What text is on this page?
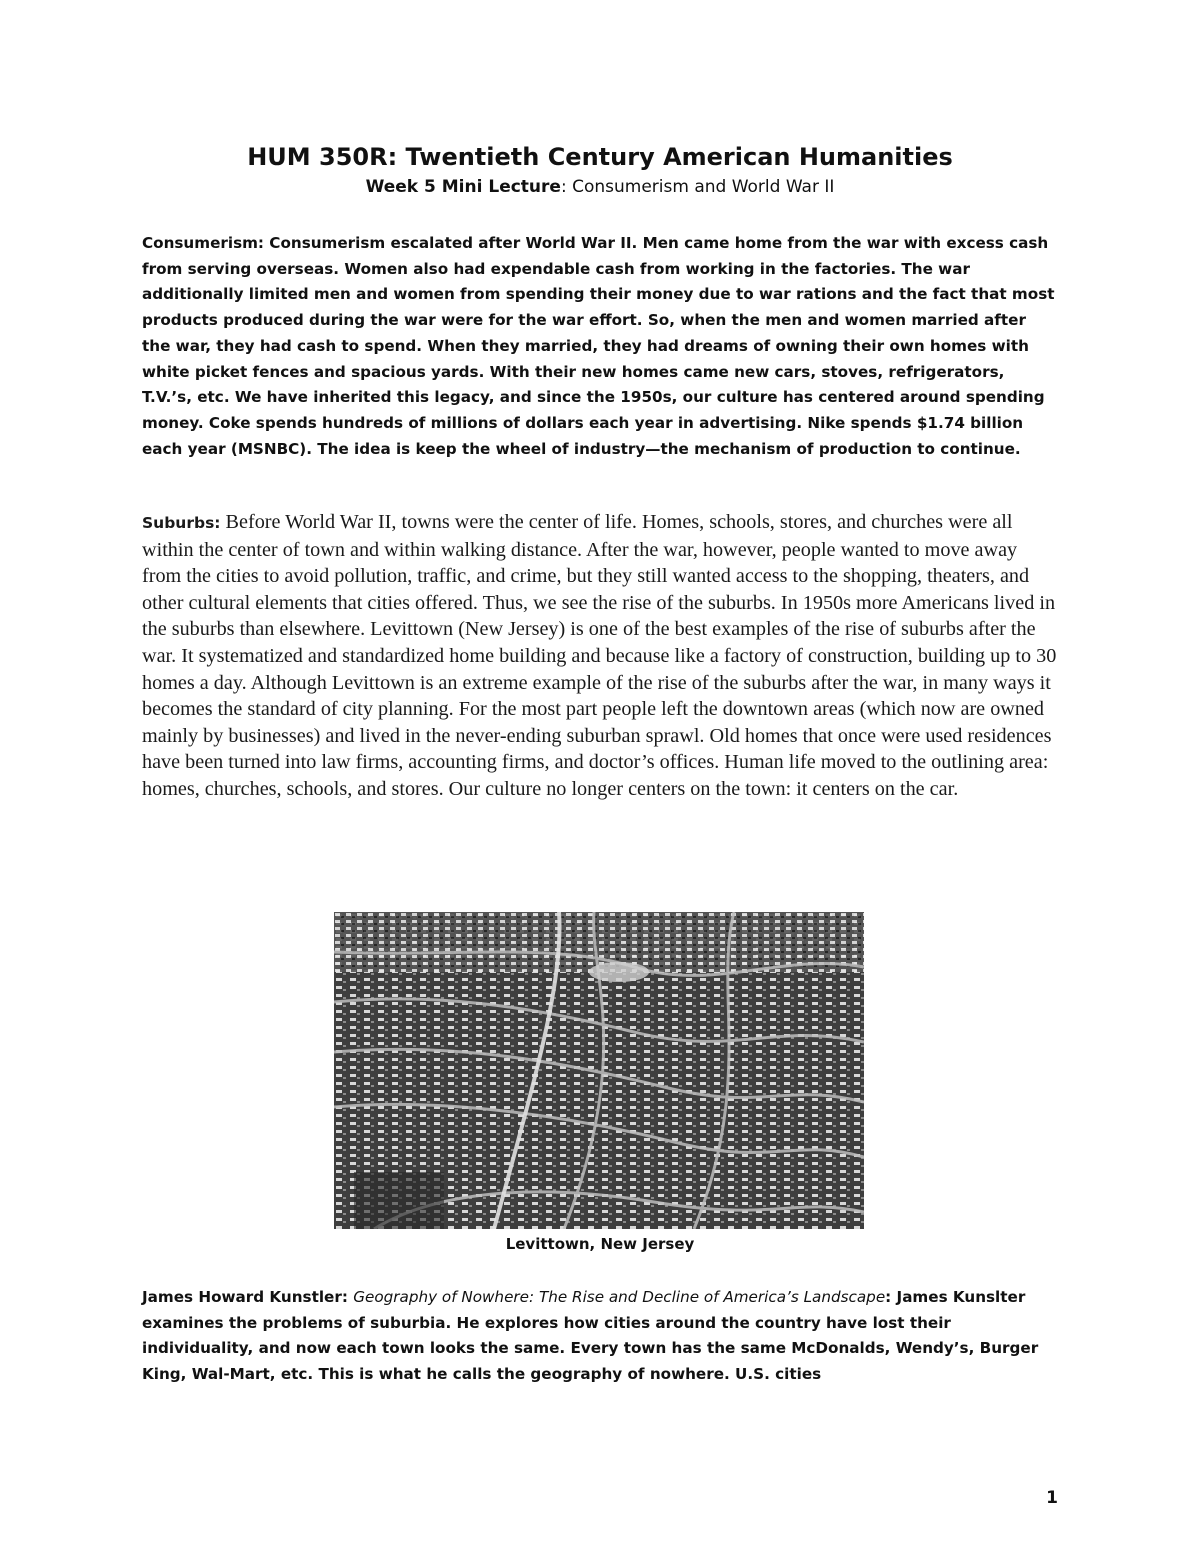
HUM 350R: Twentieth Century American Humanities

Week 5 Mini Lecture: Consumerism and World War II

Consumerism: Consumerism escalated after World War II. Men came home from the war with excess cash from serving overseas. Women also had expendable cash from working in the factories. The war additionally limited men and women from spending their money due to war rations and the fact that most products produced during the war were for the war effort. So, when the men and women married after the war, they had cash to spend. When they married, they had dreams of owning their own homes with white picket fences and spacious yards. With their new homes came new cars, stoves, refrigerators, T.V.’s, etc. We have inherited this legacy, and since the 1950s, our culture has centered around spending money. Coke spends hundreds of millions of dollars each year in advertising. Nike spends $1.74 billion each year (MSNBC). The idea is keep the wheel of industry—the mechanism of production to continue.

Suburbs: Before World War II, towns were the center of life. Homes, schools, stores, and churches were all within the center of town and within walking distance. After the war, however, people wanted to move away from the cities to avoid pollution, traffic, and crime, but they still wanted access to the shopping, theaters, and other cultural elements that cities offered. Thus, we see the rise of the suburbs. In 1950s more Americans lived in the suburbs than elsewhere. Levittown (New Jersey) is one of the best examples of the rise of suburbs after the war. It systematized and standardized home building and because like a factory of construction, building up to 30 homes a day. Although Levittown is an extreme example of the rise of the suburbs after the war, in many ways it becomes the standard of city planning. For the most part people left the downtown areas (which now are owned mainly by businesses) and lived in the never-ending suburban sprawl. Old homes that once were used residences have been turned into law firms, accounting firms, and doctor’s offices. Human life moved to the outlining area: homes, churches, schools, and stores. Our culture no longer centers on the town: it centers on the car.

Levittown, New Jersey

James Howard Kunstler: Geography of Nowhere: The Rise and Decline of America’s Landscape: James Kunslter examines the problems of suburbia. He explores how cities around the country have lost their individuality, and now each town looks the same. Every town has the same McDonalds, Wendy’s, Burger King, Wal-Mart, etc. This is what he calls the geography of nowhere. U.S. cities

1
